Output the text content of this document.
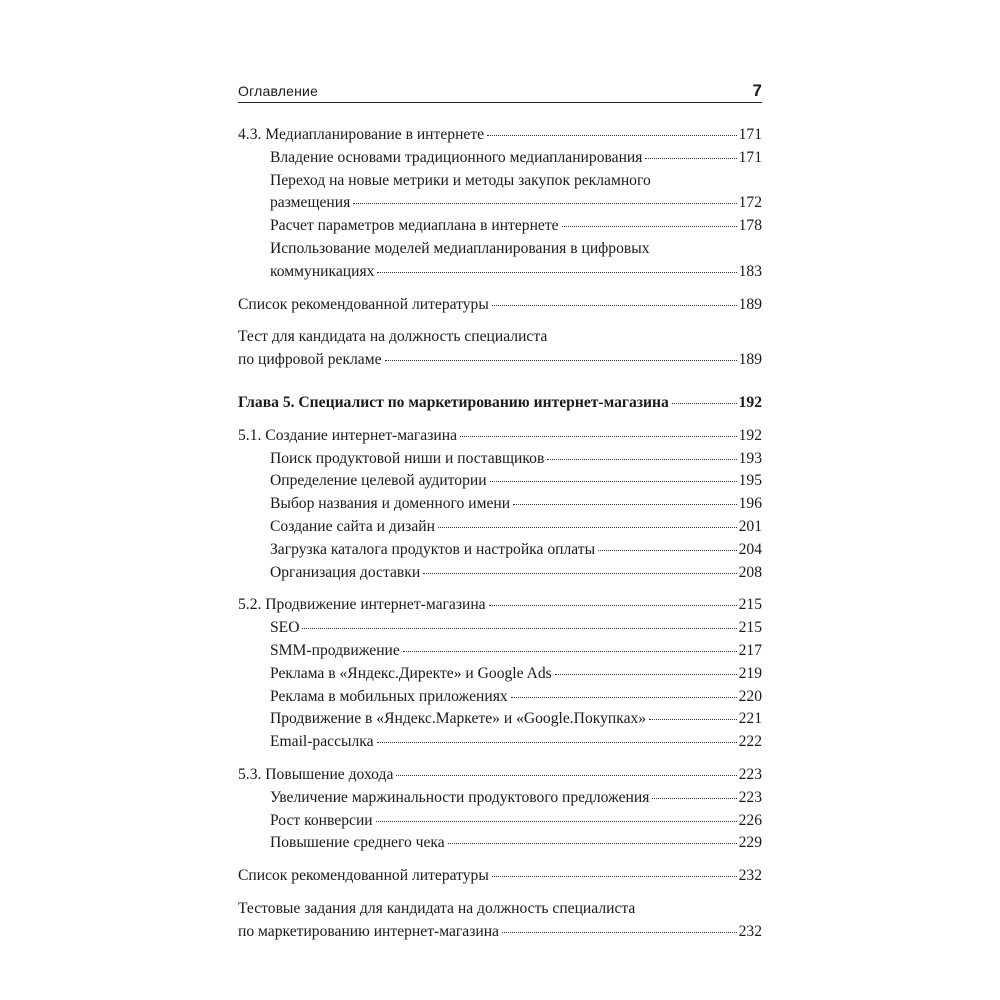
Оглавление	7
4.3. Медиапланирование в интернете	171
Владение основами традиционного медиапланирования	171
Переход на новые метрики и методы закупок рекламного
размещения	172
Расчет параметров медиаплана в интернете	178
Использование моделей медиапланирования в цифровых
коммуникациях	183
Список рекомендованной литературы	189
Тест для кандидата на должность специалиста
по цифровой рекламе	189
Глава 5. Специалист по маркетированию интернет-магазина	192
5.1. Создание интернет-магазина	192
Поиск продуктовой ниши и поставщиков	193
Определение целевой аудитории	195
Выбор названия и доменного имени	196
Создание сайта и дизайн	201
Загрузка каталога продуктов и настройка оплаты	204
Организация доставки	208
5.2. Продвижение интернет-магазина	215
SEO	215
SMM-продвижение	217
Реклама в «Яндекс.Директе» и Google Ads	219
Реклама в мобильных приложениях	220
Продвижение в «Яндекс.Маркете» и «Google.Покупках»	221
Email-рассылка	222
5.3. Повышение дохода	223
Увеличение маржинальности продуктового предложения	223
Рост конверсии	226
Повышение среднего чека	229
Список рекомендованной литературы	232
Тестовые задания для кандидата на должность специалиста
по маркетированию интернет-магазина	232
